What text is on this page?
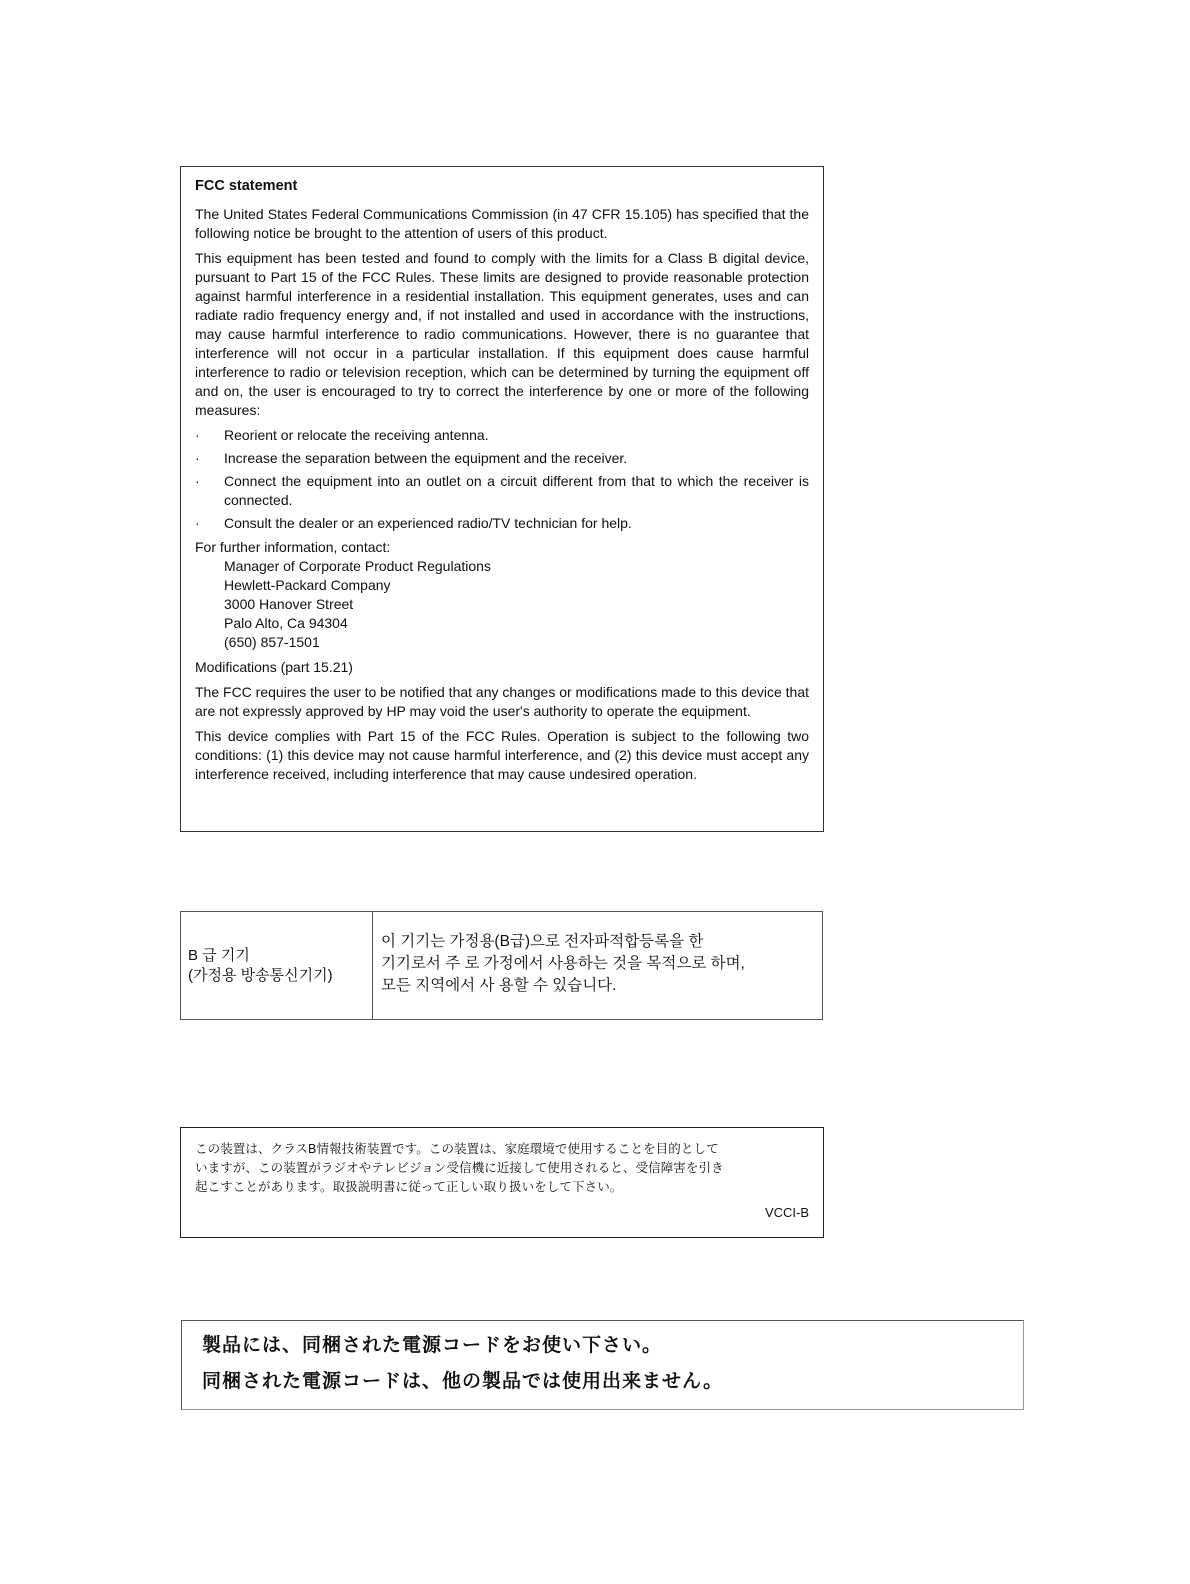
FCC statement

The United States Federal Communications Commission (in 47 CFR 15.105) has specified that the following notice be brought to the attention of users of this product.

This equipment has been tested and found to comply with the limits for a Class B digital device, pursuant to Part 15 of the FCC Rules. These limits are designed to provide reasonable protection against harmful interference in a residential installation. This equipment generates, uses and can radiate radio frequency energy and, if not installed and used in accordance with the instructions, may cause harmful interference to radio communications. However, there is no guarantee that interference will not occur in a particular installation. If this equipment does cause harmful interference to radio or television reception, which can be determined by turning the equipment off and on, the user is encouraged to try to correct the interference by one or more of the following measures:

· Reorient or relocate the receiving antenna.
· Increase the separation between the equipment and the receiver.
· Connect the equipment into an outlet on a circuit different from that to which the receiver is connected.
· Consult the dealer or an experienced radio/TV technician for help.

For further information, contact:

Manager of Corporate Product Regulations
Hewlett-Packard Company
3000 Hanover Street
Palo Alto, Ca 94304
(650) 857-1501

Modifications (part 15.21)

The FCC requires the user to be notified that any changes or modifications made to this device that are not expressly approved by HP may void the user's authority to operate the equipment.

This device complies with Part 15 of the FCC Rules. Operation is subject to the following two conditions: (1) this device may not cause harmful interference, and (2) this device must accept any interference received, including interference that may cause undesired operation.

B 급 기기
(가정용 방송통신기기)
이 기기는 가정용(B급)으로 전자파적합등록을 한
기기로서 주 로 가정에서 사용하는 것을 목적으로 하며,
모든 지역에서 사 용할 수 있습니다.
この装置は、クラスB情報技術装置です。この装置は、家庭環境で使用することを目的として
いますが、この装置がラジオやテレビジョン受信機に近接して使用されると、受信障害を引き
起こすことがあります。取扱説明書に従って正しい取り扱いをして下さい。
VCCI-B
製品には、同梱された電源コードをお使い下さい。
同梱された電源コードは、他の製品では使用出来ません。
